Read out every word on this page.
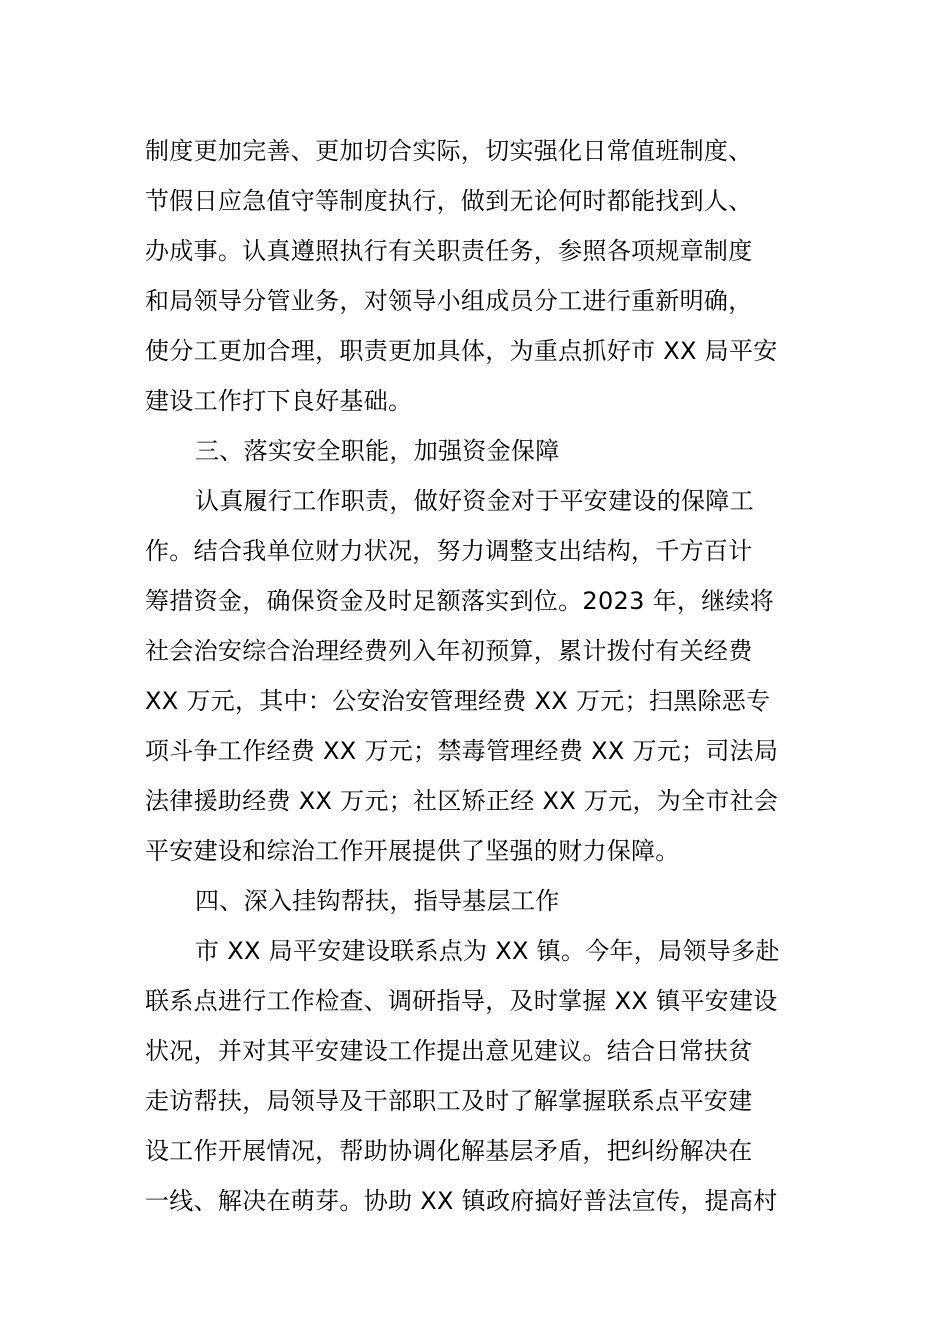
制度更加完善、更加切合实际，切实强化日常值班制度、
节假日应急值守等制度执行，做到无论何时都能找到人、
办成事。认真遵照执行有关职责任务，参照各项规章制度
和局领导分管业务，对领导小组成员分工进行重新明确，
使分工更加合理，职责更加具体，为重点抓好市 XX 局平安
建设工作打下良好基础。
三、落实安全职能，加强资金保障
认真履行工作职责，做好资金对于平安建设的保障工
作。结合我单位财力状况，努力调整支出结构，千方百计
筹措资金，确保资金及时足额落实到位。2023 年，继续将
社会治安综合治理经费列入年初预算，累计拨付有关经费
XX 万元，其中：公安治安管理经费 XX 万元；扫黑除恶专
项斗争工作经费 XX 万元；禁毒管理经费 XX 万元；司法局
法律援助经费 XX 万元；社区矫正经 XX 万元，为全市社会
平安建设和综治工作开展提供了坚强的财力保障。
四、深入挂钩帮扶，指导基层工作
市 XX 局平安建设联系点为 XX 镇。今年，局领导多赴
联系点进行工作检查、调研指导，及时掌握 XX 镇平安建设
状况，并对其平安建设工作提出意见建议。结合日常扶贫
走访帮扶，局领导及干部职工及时了解掌握联系点平安建
设工作开展情况，帮助协调化解基层矛盾，把纠纷解决在
一线、解决在萌芽。协助 XX 镇政府搞好普法宣传，提高村
